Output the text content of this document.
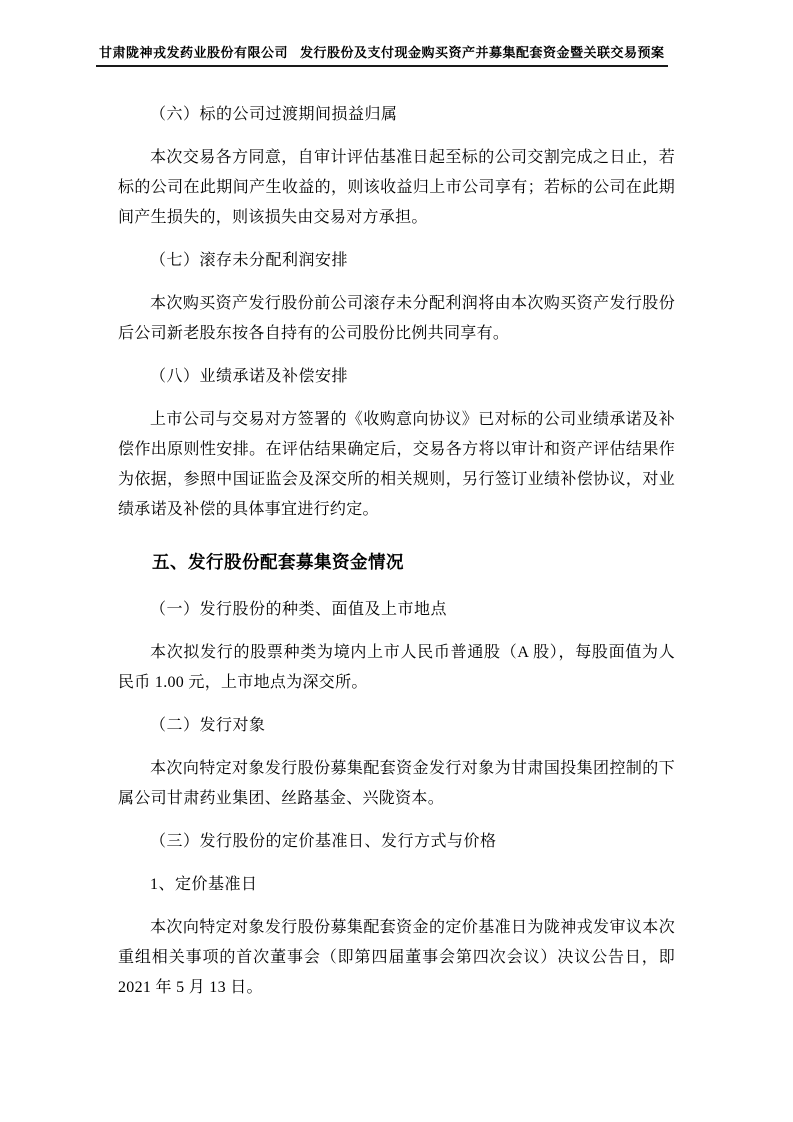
甘肃陇神戎发药业股份有限公司 发行股份及支付现金购买资产并募集配套资金暨关联交易预案
（六）标的公司过渡期间损益归属
本次交易各方同意，自审计评估基准日起至标的公司交割完成之日止，若标的公司在此期间产生收益的，则该收益归上市公司享有；若标的公司在此期间产生损失的，则该损失由交易对方承担。
（七）滚存未分配利润安排
本次购买资产发行股份前公司滚存未分配利润将由本次购买资产发行股份后公司新老股东按各自持有的公司股份比例共同享有。
（八）业绩承诺及补偿安排
上市公司与交易对方签署的《收购意向协议》已对标的公司业绩承诺及补偿作出原则性安排。在评估结果确定后，交易各方将以审计和资产评估结果作为依据，参照中国证监会及深交所的相关规则，另行签订业绩补偿协议，对业绩承诺及补偿的具体事宜进行约定。
五、发行股份配套募集资金情况
（一）发行股份的种类、面值及上市地点
本次拟发行的股票种类为境内上市人民币普通股（A 股），每股面值为人民币 1.00 元，上市地点为深交所。
（二）发行对象
本次向特定对象发行股份募集配套资金发行对象为甘肃国投集团控制的下属公司甘肃药业集团、丝路基金、兴陇资本。
（三）发行股份的定价基准日、发行方式与价格
1、定价基准日
本次向特定对象发行股份募集配套资金的定价基准日为陇神戎发审议本次重组相关事项的首次董事会（即第四届董事会第四次会议）决议公告日，即 2021 年 5 月 13 日。
